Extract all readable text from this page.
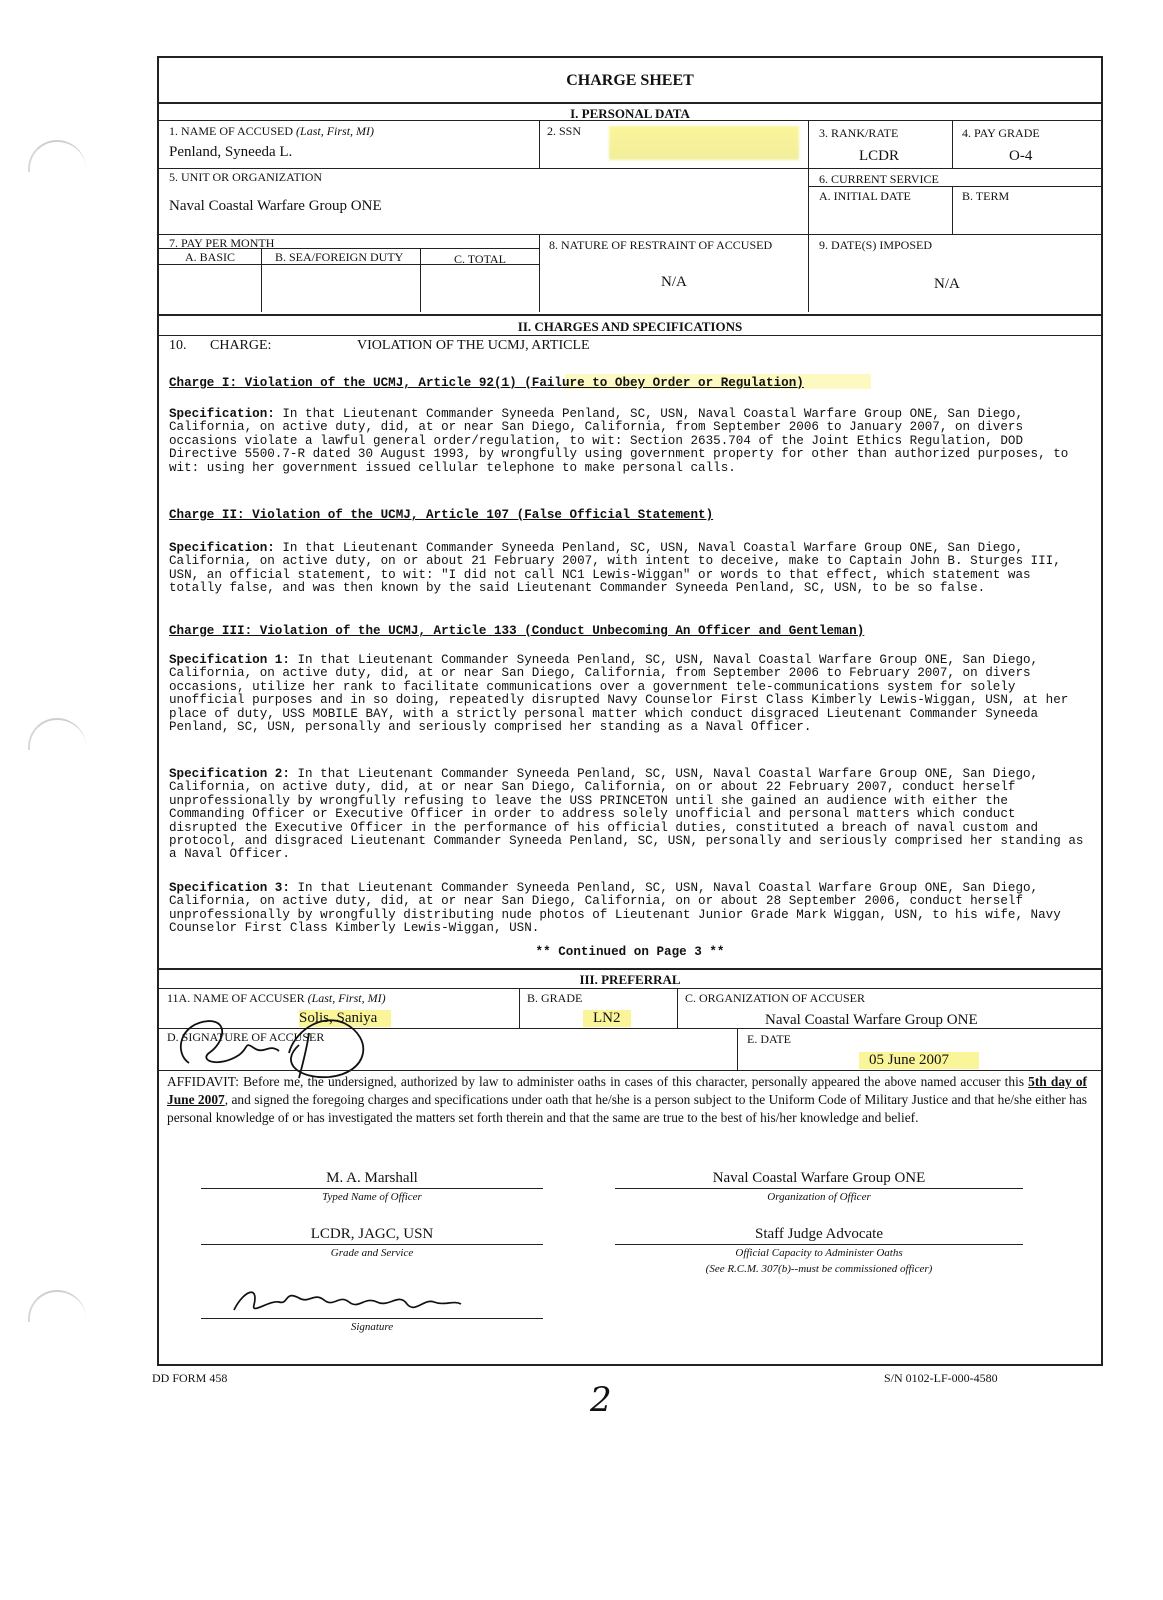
CHARGE SHEET
I. PERSONAL DATA
1. NAME OF ACCUSED (Last, First, MI)
Penland, Syneeda L.
2. SSN	3. RANK/RATE
LCDR
4. PAY GRADE
O-4
5. UNIT OR ORGANIZATION
Naval Coastal Warfare Group ONE
6. CURRENT SERVICE
A. INITIAL DATE	B. TERM
7. PAY PER MONTH
A. BASIC	B. SEA/FOREIGN DUTY	C. TOTAL
8. NATURE OF RESTRAINT OF ACCUSED
N/A
9. DATE(S) IMPOSED
N/A
II. CHARGES AND SPECIFICATIONS
10. CHARGE:	VIOLATION OF THE UCMJ, ARTICLE
Charge I: Violation of the UCMJ, Article 92(1) (Failure to Obey Order or Regulation)
Specification: In that Lieutenant Commander Syneeda Penland, SC, USN, Naval Coastal Warfare Group ONE, San Diego, California, on active duty, did, at or near San Diego, California, from September 2006 to January 2007, on divers occasions violate a lawful general order/regulation, to wit: Section 2635.704 of the Joint Ethics Regulation, DOD Directive 5500.7-R dated 30 August 1993, by wrongfully using government property for other than authorized purposes, to wit: using her government issued cellular telephone to make personal calls.
Charge II: Violation of the UCMJ, Article 107 (False Official Statement)
Specification: In that Lieutenant Commander Syneeda Penland, SC, USN, Naval Coastal Warfare Group ONE, San Diego, California, on active duty, on or about 21 February 2007, with intent to deceive, make to Captain John B. Sturges III, USN, an official statement, to wit: "I did not call NC1 Lewis-Wiggan" or words to that effect, which statement was totally false, and was then known by the said Lieutenant Commander Syneeda Penland, SC, USN, to be so false.
Charge III: Violation of the UCMJ, Article 133 (Conduct Unbecoming An Officer and Gentleman)
Specification 1: In that Lieutenant Commander Syneeda Penland, SC, USN, Naval Coastal Warfare Group ONE, San Diego, California, on active duty, did, at or near San Diego, California, from September 2006 to February 2007, on divers occasions, utilize her rank to facilitate communications over a government tele-communications system for solely unofficial purposes and in so doing, repeatedly disrupted Navy Counselor First Class Kimberly Lewis-Wiggan, USN, at her place of duty, USS MOBILE BAY, with a strictly personal matter which conduct disgraced Lieutenant Commander Syneeda Penland, SC, USN, personally and seriously comprised her standing as a Naval Officer.
Specification 2: In that Lieutenant Commander Syneeda Penland, SC, USN, Naval Coastal Warfare Group ONE, San Diego, California, on active duty, did, at or near San Diego, California, on or about 22 February 2007, conduct herself unprofessionally by wrongfully refusing to leave the USS PRINCETON until she gained an audience with either the Commanding Officer or Executive Officer in order to address solely unofficial and personal matters which conduct disrupted the Executive Officer in the performance of his official duties, constituted a breach of naval custom and protocol, and disgraced Lieutenant Commander Syneeda Penland, SC, USN, personally and seriously comprised her standing as a Naval Officer.
Specification 3: In that Lieutenant Commander Syneeda Penland, SC, USN, Naval Coastal Warfare Group ONE, San Diego, California, on active duty, did, at or near San Diego, California, on or about 28 September 2006, conduct herself unprofessionally by wrongfully distributing nude photos of Lieutenant Junior Grade Mark Wiggan, USN, to his wife, Navy Counselor First Class Kimberly Lewis-Wiggan, USN.
** Continued on Page 3 **
III. PREFERRAL
11A. NAME OF ACCUSER (Last, First, MI)
Solis, Saniya
B. GRADE
LN2
C. ORGANIZATION OF ACCUSER
Naval Coastal Warfare Group ONE
D. SIGNATURE OF ACCUSER	E. DATE
05 June 2007
AFFIDAVIT: Before me, the undersigned, authorized by law to administer oaths in cases of this character, personally appeared the above named accuser this 5th day of June 2007, and signed the foregoing charges and specifications under oath that he/she is a person subject to the Uniform Code of Military Justice and that he/she either has personal knowledge of or has investigated the matters set forth therein and that the same are true to the best of his/her knowledge and belief.
M. A. Marshall
Typed Name of Officer
Naval Coastal Warfare Group ONE
Organization of Officer
LCDR, JAGC, USN
Grade and Service
Staff Judge Advocate
Official Capacity to Administer Oaths
(See R.C.M. 307(b)--must be commissioned officer)
Signature
DD FORM 458	S/N 0102-LF-000-4580
2
